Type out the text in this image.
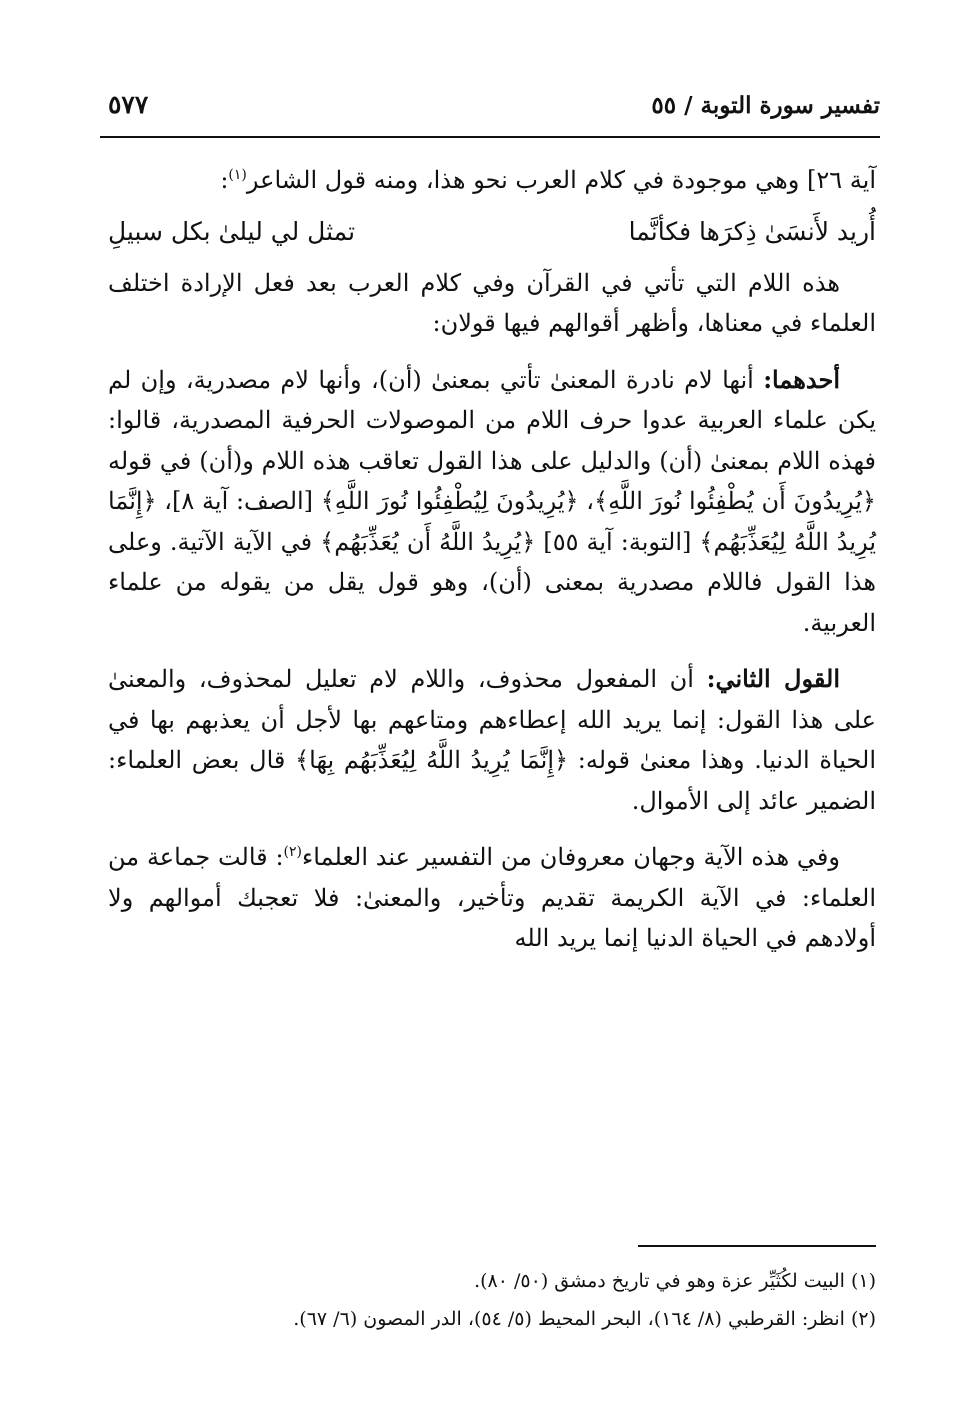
تفسير سورة التوبة / ٥٥
٥٧٧

آية ٢٦] وهي موجودة في كلام العرب نحو هذا، ومنه قول الشاعر$^{(١)}$:

أُريد لأَنسَىٰ ذِكرَها فكأنَّما
تمثل لي ليلىٰ بكل سبيلِ

هذه اللام التي تأتي في القرآن وفي كلام العرب بعد فعل الإرادة اختلف العلماء في معناها، وأظهر أقوالهم فيها قولان:

أحدهما: أنها لام نادرة المعنىٰ تأتي بمعنىٰ (أن)، وأنها لام مصدرية، وإن لم يكن علماء العربية عدوا حرف اللام من الموصولات الحرفية المصدرية، قالوا: فهذه اللام بمعنىٰ (أن) والدليل على هذا القول تعاقب هذه اللام و(أن) في قوله ﴿يُرِيدُونَ أَن يُطْفِئُوا نُورَ اللَّهِ﴾، ﴿يُرِيدُونَ لِيُطْفِئُوا نُورَ اللَّهِ﴾ [الصف: آية ٨]، ﴿إِنَّمَا يُرِيدُ اللَّهُ لِيُعَذِّبَهُم﴾ [التوبة: آية ٥٥] ﴿يُرِيدُ اللَّهُ أَن يُعَذِّبَهُم﴾ في الآية الآتية. وعلى هذا القول فاللام مصدرية بمعنى (أن)، وهو قول يقل من يقوله من علماء العربية.

القول الثاني: أن المفعول محذوف، واللام لام تعليل لمحذوف، والمعنىٰ على هذا القول: إنما يريد الله إعطاءهم ومتاعهم بها لأجل أن يعذبهم بها في الحياة الدنيا. وهذا معنىٰ قوله: ﴿إِنَّمَا يُرِيدُ اللَّهُ لِيُعَذِّبَهُم بِهَا﴾ قال بعض العلماء: الضمير عائد إلى الأموال.

وفي هذه الآية وجهان معروفان من التفسير عند العلماء$^{(٢)}$: قالت جماعة من العلماء: في الآية الكريمة تقديم وتأخير، والمعنىٰ: فلا تعجبك أموالهم ولا أولادهم في الحياة الدنيا إنما يريد الله

(١) البيت لكُثَيِّر عزة وهو في تاريخ دمشق (٥٠/ ٨٠).

(٢) انظر: القرطبي (٨/ ١٦٤)، البحر المحيط (٥/ ٥٤)، الدر المصون (٦/ ٦٧).
